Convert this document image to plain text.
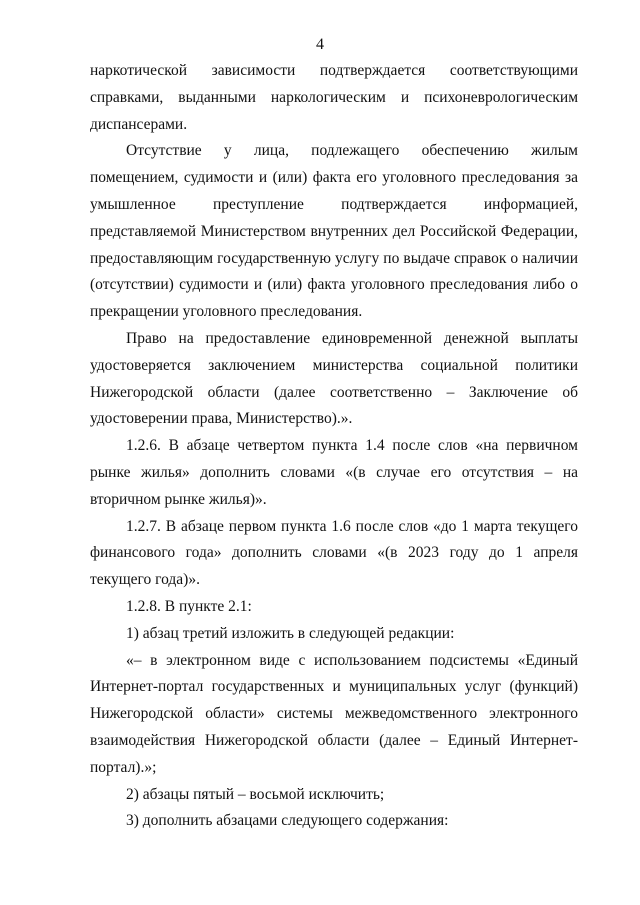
4

наркотической зависимости подтверждается соответствующими справками, выданными наркологическим и психоневрологическим диспансерами.

Отсутствие у лица, подлежащего обеспечению жилым помещением, судимости и (или) факта его уголовного преследования за умышленное преступление подтверждается информацией, представляемой Министерством внутренних дел Российской Федерации, предоставляющим государственную услугу по выдаче справок о наличии (отсутствии) судимости и (или) факта уголовного преследования либо о прекращении уголовного преследования.

Право на предоставление единовременной денежной выплаты удостоверяется заключением министерства социальной политики Нижегородской области (далее соответственно – Заключение об удостоверении права, Министерство).».

1.2.6. В абзаце четвертом пункта 1.4 после слов «на первичном рынке жилья» дополнить словами «(в случае его отсутствия – на вторичном рынке жилья)».

1.2.7. В абзаце первом пункта 1.6 после слов «до 1 марта текущего финансового года» дополнить словами «(в 2023 году до 1 апреля текущего года)».

1.2.8. В пункте 2.1:

1) абзац третий изложить в следующей редакции:

«– в электронном виде с использованием подсистемы «Единый Интернет-портал государственных и муниципальных услуг (функций) Нижегородской области» системы межведомственного электронного взаимодействия Нижегородской области (далее – Единый Интернет-портал).»;

2) абзацы пятый – восьмой исключить;

3) дополнить абзацами следующего содержания:
